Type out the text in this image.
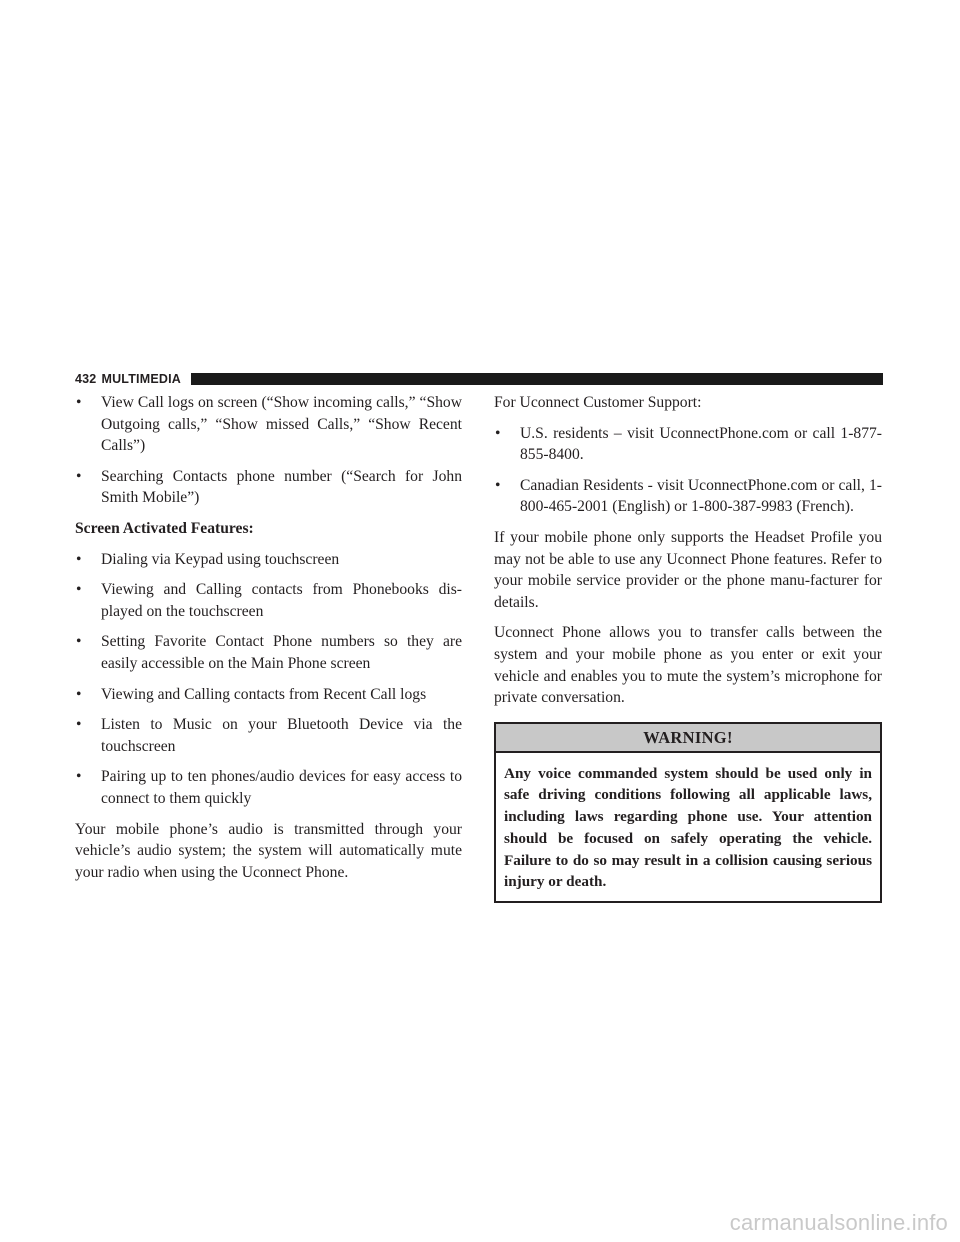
432 MULTIMEDIA
• View Call logs on screen (“Show incoming calls,” “Show Outgoing calls,” “Show missed Calls,” “Show Recent Calls”)
• Searching Contacts phone number (“Search for John Smith Mobile”)
Screen Activated Features:
• Dialing via Keypad using touchscreen
• Viewing and Calling contacts from Phonebooks dis-played on the touchscreen
• Setting Favorite Contact Phone numbers so they are easily accessible on the Main Phone screen
• Viewing and Calling contacts from Recent Call logs
• Listen to Music on your Bluetooth Device via the touchscreen
• Pairing up to ten phones/audio devices for easy access to connect to them quickly

Your mobile phone’s audio is transmitted through your vehicle’s audio system; the system will automatically mute your radio when using the Uconnect Phone.

For Uconnect Customer Support:

• U.S. residents – visit UconnectPhone.com or call 1-877-855-8400.
• Canadian Residents - visit UconnectPhone.com or call, 1-800-465-2001 (English) or 1-800-387-9983 (French).

If your mobile phone only supports the Headset Profile you may not be able to use any Uconnect Phone features. Refer to your mobile service provider or the phone manu-facturer for details.

Uconnect Phone allows you to transfer calls between the system and your mobile phone as you enter or exit your vehicle and enables you to mute the system’s microphone for private conversation.

WARNING!
Any voice commanded system should be used only in safe driving conditions following all applicable laws, including laws regarding phone use. Your attention should be focused on safely operating the vehicle. Failure to do so may result in a collision causing serious injury or death.
carmanualsonline.info
